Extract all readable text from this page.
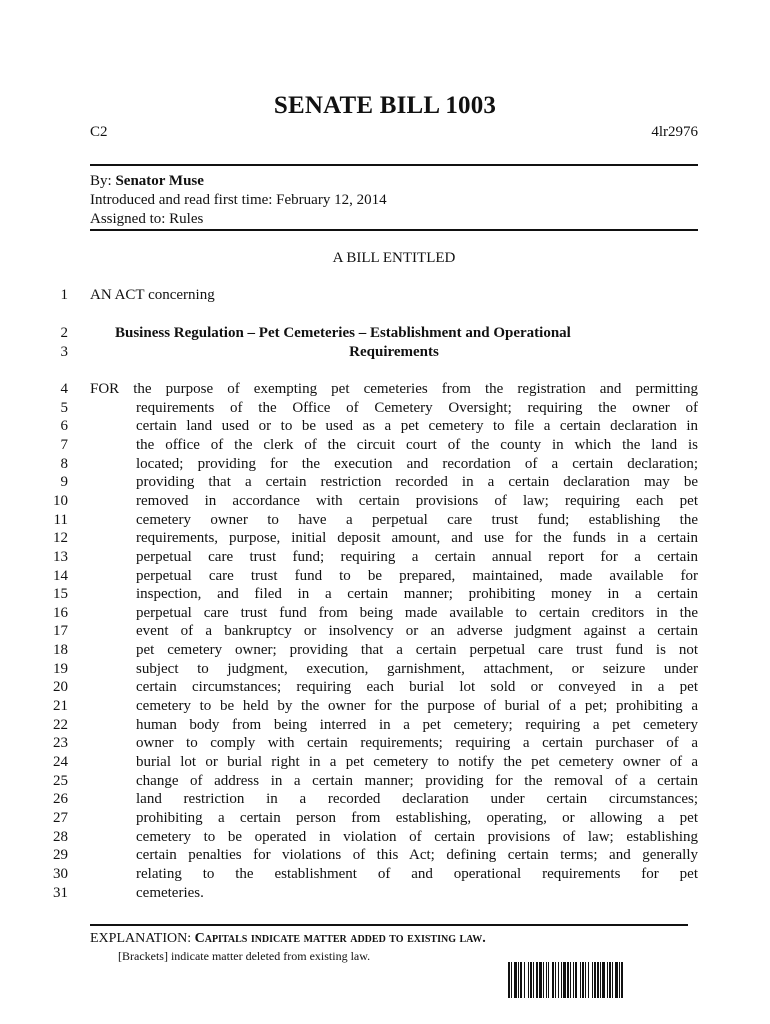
SENATE BILL 1003
C2	4lr2976
By: Senator Muse
Introduced and read first time: February 12, 2014
Assigned to: Rules
A BILL ENTITLED
1
2
3
4
5
6
7
8
9
10
11
12
13
14
15
16
17
18
19
20
21
22
23
24
25
26
27
28
29
30
31
AN ACT concerning
Business Regulation – Pet Cemeteries – Establishment and Operational
Requirements
FOR the purpose of exempting pet cemeteries from the registration and permitting
requirements of the Office of Cemetery Oversight; requiring the owner of
certain land used or to be used as a pet cemetery to file a certain declaration in
the office of the clerk of the circuit court of the county in which the land is
located; providing for the execution and recordation of a certain declaration;
providing that a certain restriction recorded in a certain declaration may be
removed in accordance with certain provisions of law; requiring each pet
cemetery owner to have a perpetual care trust fund; establishing the
requirements, purpose, initial deposit amount, and use for the funds in a certain
perpetual care trust fund; requiring a certain annual report for a certain
perpetual care trust fund to be prepared, maintained, made available for
inspection, and filed in a certain manner; prohibiting money in a certain
perpetual care trust fund from being made available to certain creditors in the
event of a bankruptcy or insolvency or an adverse judgment against a certain
pet cemetery owner; providing that a certain perpetual care trust fund is not
subject to judgment, execution, garnishment, attachment, or seizure under
certain circumstances; requiring each burial lot sold or conveyed in a pet
cemetery to be held by the owner for the purpose of burial of a pet; prohibiting a
human body from being interred in a pet cemetery; requiring a pet cemetery
owner to comply with certain requirements; requiring a certain purchaser of a
burial lot or burial right in a pet cemetery to notify the pet cemetery owner of a
change of address in a certain manner; providing for the removal of a certain
land restriction in a recorded declaration under certain circumstances;
prohibiting a certain person from establishing, operating, or allowing a pet
cemetery to be operated in violation of certain provisions of law; establishing
certain penalties for violations of this Act; defining certain terms; and generally
relating to the establishment of and operational requirements for pet
cemeteries.
EXPLANATION: Capitals indicate matter added to existing law.
[Brackets] indicate matter deleted from existing law.
